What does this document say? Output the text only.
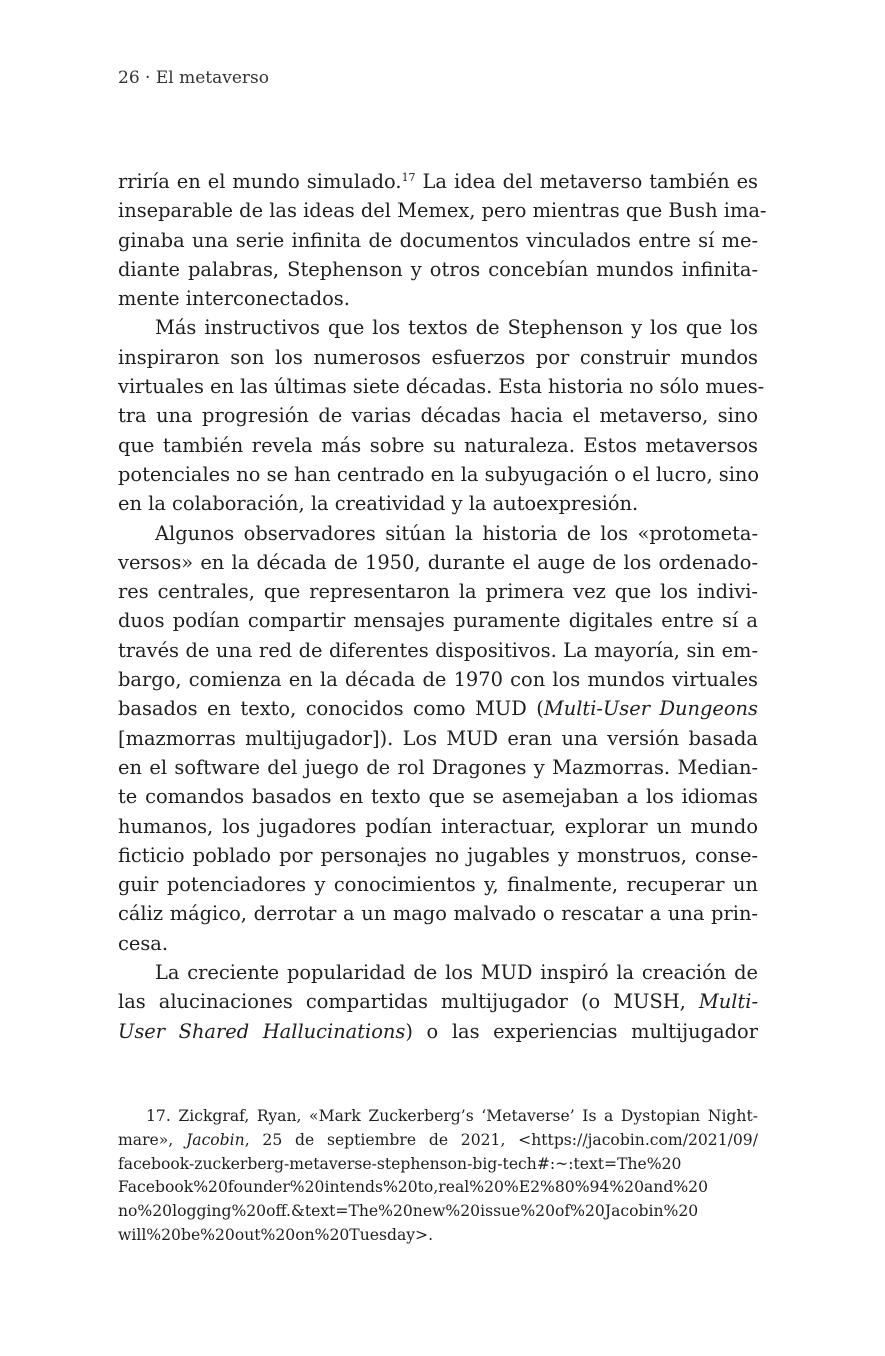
26 · El metaverso
rriría en el mundo simulado.$^{17}$ La idea del metaverso también es
inseparable de las ideas del Memex, pero mientras que Bush ima-
ginaba una serie infinita de documentos vinculados entre sí me-
diante palabras, Stephenson y otros concebían mundos infinita-
mente interconectados.
Más instructivos que los textos de Stephenson y los que los
inspiraron son los numerosos esfuerzos por construir mundos
virtuales en las últimas siete décadas. Esta historia no sólo mues-
tra una progresión de varias décadas hacia el metaverso, sino
que también revela más sobre su naturaleza. Estos metaversos
potenciales no se han centrado en la subyugación o el lucro, sino
en la colaboración, la creatividad y la autoexpresión.
Algunos observadores sitúan la historia de los «protometa-
versos» en la década de 1950, durante el auge de los ordenado-
res centrales, que representaron la primera vez que los indivi-
duos podían compartir mensajes puramente digitales entre sí a
través de una red de diferentes dispositivos. La mayoría, sin em-
bargo, comienza en la década de 1970 con los mundos virtuales
basados en texto, conocidos como MUD (Multi-User Dungeons
[mazmorras multijugador]). Los MUD eran una versión basada
en el software del juego de rol Dragones y Mazmorras. Median-
te comandos basados en texto que se asemejaban a los idiomas
humanos, los jugadores podían interactuar, explorar un mundo
ficticio poblado por personajes no jugables y monstruos, conse-
guir potenciadores y conocimientos y, finalmente, recuperar un
cáliz mágico, derrotar a un mago malvado o rescatar a una prin-
cesa.
La creciente popularidad de los MUD inspiró la creación de
las alucinaciones compartidas multijugador (o MUSH, Multi-
User Shared Hallucinations) o las experiencias multijugador
17. Zickgraf, Ryan, «Mark Zuckerberg’s ‘Metaverse’ Is a Dystopian Night-
mare», Jacobin, 25 de septiembre de 2021, <https://jacobin.com/2021/09/
facebook-zuckerberg-metaverse-stephenson-big-tech#:~:text=The%20
Facebook%20founder%20intends%20to,real%20%E2%80%94%20and%20
no%20logging%20off.&text=The%20new%20issue%20of%20Jacobin%20
will%20be%20out%20on%20Tuesday>.
